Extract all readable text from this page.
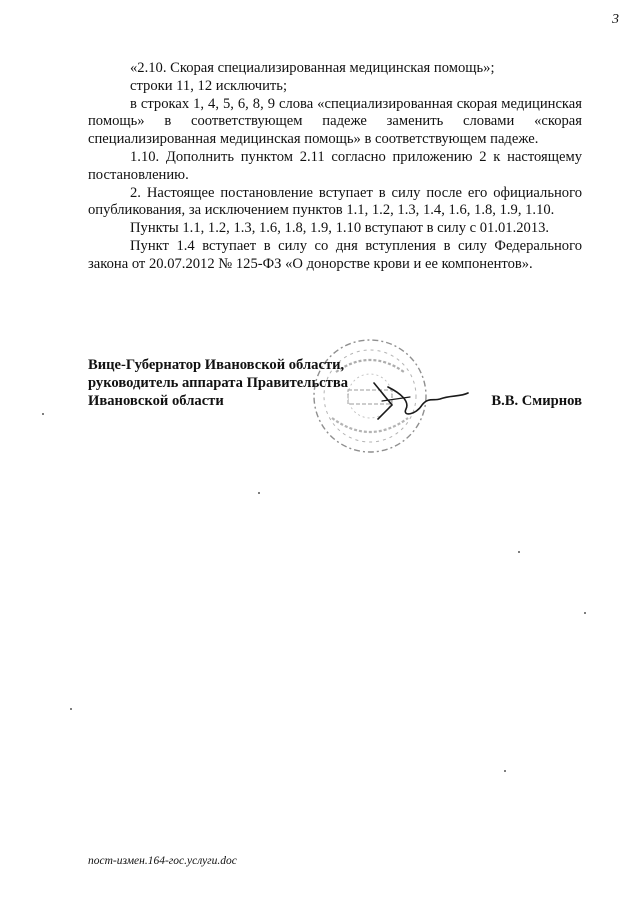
3

«2.10. Скорая специализированная медицинская помощь»;

строки 11, 12 исключить;

в строках 1, 4, 5, 6, 8, 9 слова «специализированная скорая медицинская помощь» в соответствующем падеже заменить словами «скорая специализированная медицинская помощь» в соответствующем падеже.

1.10. Дополнить пунктом 2.11 согласно приложению 2 к настоящему постановлению.

2. Настоящее постановление вступает в силу после его официального опубликования, за исключением пунктов 1.1, 1.2, 1.3, 1.4, 1.6, 1.8, 1.9, 1.10.

Пункты 1.1, 1.2, 1.3, 1.6, 1.8, 1.9, 1.10 вступают в силу с 01.01.2013.

Пункт 1.4 вступает в силу со дня вступления в силу Федерального закона от 20.07.2012 № 125-ФЗ «О донорстве крови и ее компонентов».

Вице-Губернатор Ивановской области,
руководитель аппарата Правительства
Ивановской области	В.В. Смирнов
пост-измен.164-гос.услуги.doc
